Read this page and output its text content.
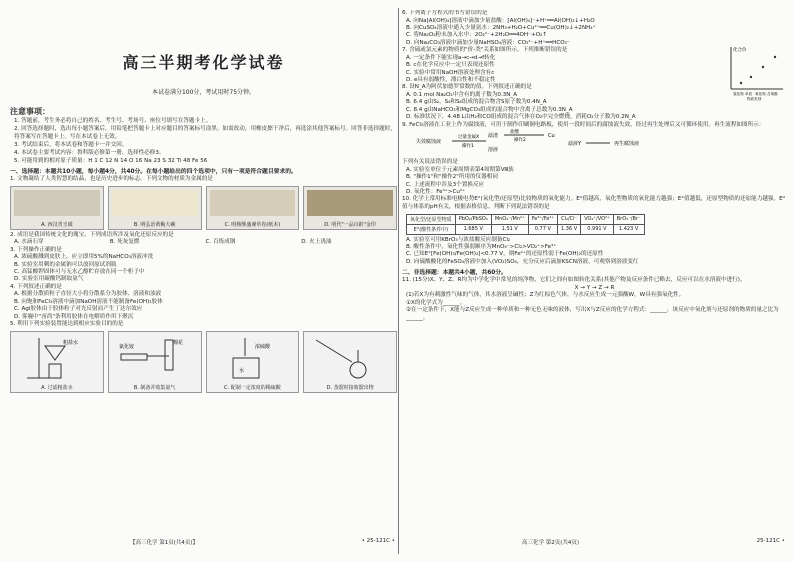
高三半期考化学试卷
本试卷满分100分，考试用时75分钟。
注意事项：
1. 答题前，考生务必将自己的姓名、考生号、考场号、座位号填写在答题卡上。
2. 回答选择题时，选出每小题答案后，用铅笔把答题卡上对应题目的答案标号涂黑。如需改动，用橡皮擦干净后，再选涂其他答案标号。回答非选择题时，将答案写在答题卡上。写在本试卷上无效。
3. 考试结束后，将本试卷和答题卡一并交回。
4. 本试卷主要考试内容：鲁科版必修第一册、选择性必修3。
5. 可能用到的相对原子质量：H 1 C 12 N 14 O 16 Na 23 S 32 Ti 48 Fe 56
一、选择题：本题共10小题，每小题4分，共40分。在每小题给出的四个选项中，只有一项是符合题目要求的。
1. 文物凝结了人类智慧的结晶，也是历史进步的标志。下列文物的材质为金属的是
A. 西汉青玉璜	B. 明弘治黄釉大碗	C. 明杨继盛谏草卷(纸本)	D. 明代"一品百龄"金印
2. 成语是我国传统文化的瑰宝。下列成语所涉及氧化还原反应的是
A. 水滴石穿	B. 死灰复燃	C. 百炼成钢	D. 火上浇油
3. 下列操作正确的是
A. 浓硫酸溅到皮肤上，应立即用5%的NaHCO₃溶液冲洗
B. 实验室用剩的金属钠可以放回原试剂瓶
C. 高锰酸钾固体可与无水乙醇贮存放在同一个柜子中
D. 实验室用碳酸钙制取氨气
4. 下列叙述正确的是
A. 根据分散质粒子直径大小将分散系分为胶体、溶液和浊液
B. 向饱和FeCl₃溶液中滴加NaOH溶液不能制备Fe(OH)₃胶体
C. AgI胶体由于胶体粒子对光反射而产生丁达尔效应
D. 雾霾中"卤尚"条利用胶体在电解质作用下聚沉
5. 利用下列实验装置能达到相应实验目的的是
粗盐水
A. 过滤粗盐水
氯化铵
棉花
B. 制备并收集氨气
浓硫酸
水
C. 配制一定浓度的稀硫酸	D. 蒸馏时接收馏出物
【高三化学 第1页(共4页)】	• 25-121C •
6. 下列离子方程式的书写错误的是
A. 向Na[Al(OH)₄]溶液中滴加少量盐酸：[Al(OH)₄]⁻+H⁺══Al(OH)₃↓+H₂O
B. 向CuSO₄溶液中通入少量氨水：2NH₃+H₂O+Cu²⁺══Cu(OH)₂↓+2NH₄⁺
C. 将Na₂O₂粉末加入水中：2O₂²⁻+2H₂O══4OH⁻+O₂↑
D. 向Na₂CO₃溶液中滴加少量NaHSO₄溶液：CO₃²⁻+H⁺══HCO₃⁻
7. 含硫或氯元素的物质的"价-类"关系如图所示。下列推断错误的是
A. 一定条件下能实现a→c→d→f转化
B. c在化学反应中一定只表现还原性
C. 实验中常用NaOH溶液处理含有c
D. e具有弱酸性，漂白性和不稳定性
化合价
氢化物 单质 氧化物 含氧酸
物质类别
8. 设N_A为阿伏加德罗常数的值。下列叙述正确的是
A. 0.1 mol Na₂O₂中含有的离子数为0.3N_A
B. 6.4 g由S₂、S₄和S₈组成的混合物含S原子数为0.4N_A
C. 8.4 g由NaHCO₃和MgCO₃组成的混合物中含离子总数为0.3N_A
D. 标准状况下，4.48 L由H₂和CO组成的混合气体在O₂中完全燃烧，消耗O₂分子数为0.2N_A
9. FeCl₃溶液在工业上作为腐蚀液，可用于制作印刷铜电路板，使用一段时间后的腐蚀液失效，经过再生处理后又可循环使用。再生流程如图所示：
失效腐蚀液
过量金属X
操作1
滤渣
盐酸
操作2
Cu
滤液Y	再生腐蚀液
溶液
下列有关说法错误的是
A. 实验室单位于元素周期表第4周期第Ⅷ族
B. "操作1"和"操作2"所用的仪器相同
C. 上述流程中涉及3个置换反应
D. 氧化性：Fe³⁺>Cu²⁺
10. 化学上常用标准电极电势E°(氧化型/还原型)比较物质的氧化能力。E°值越高，氧化型物质的氧化能力越强；E°值越低，还原型物质的还原能力越强。E°值与体系的pH有关，根据表格信息，判断下列说法错误的是
氧化型/还原型物质	PbO₂/PbSO₄	MnO₄⁻/Mn²⁺	Fe³⁺/Fe²⁺	Cl₂/Cl⁻	VO₂⁺/VO²⁺	BrO₃⁻/Br⁻
E°(酸性条件中)	1.685 V	1.51 V	0.77 V	1.36 V	0.991 V	1.423 V
A. 实验室可用KBrO₃与浓盐酸反应制备Cl₂
B. 酸性条件中，氧化性强弱顺序为MnO₄⁻>Cl₂>VO₂⁺>Fe³⁺
C. 已知E°[Fe(OH)₃/Fe(OH)₂]<0.77 V，则Fe²⁺的还原性弱于Fe(OH)₂的还原性
D. 向硫酸酸化的FeSO₄溶液中加入(VO₂)SO₄，充分反应后滴加KSCN溶液，可观察到溶液变红
二、非选择题：本题共4小题，共60分。
11. (15分)X、Y、Z、R均为中学化学中常见的纯净物，它们之间有如图转化关系(其他产物及反应条件已略去，反应可以在水溶液中进行)。
X → Y → Z → R
(1)若X为有刺激性气味的气体，其水溶液呈碱性；Z为红棕色气体，与水反应生成一元强酸W，W具有强氧化性。
①X的化学式为______。
②在一定条件下，X能与Z反应生成一种单质和一种无色无味的液体，写出X与Z反应的化学方程式：______，该反应中氧化剂与还原剂的物质的量之比为______。
高三化学 第2页(共4页)	25-121C •
